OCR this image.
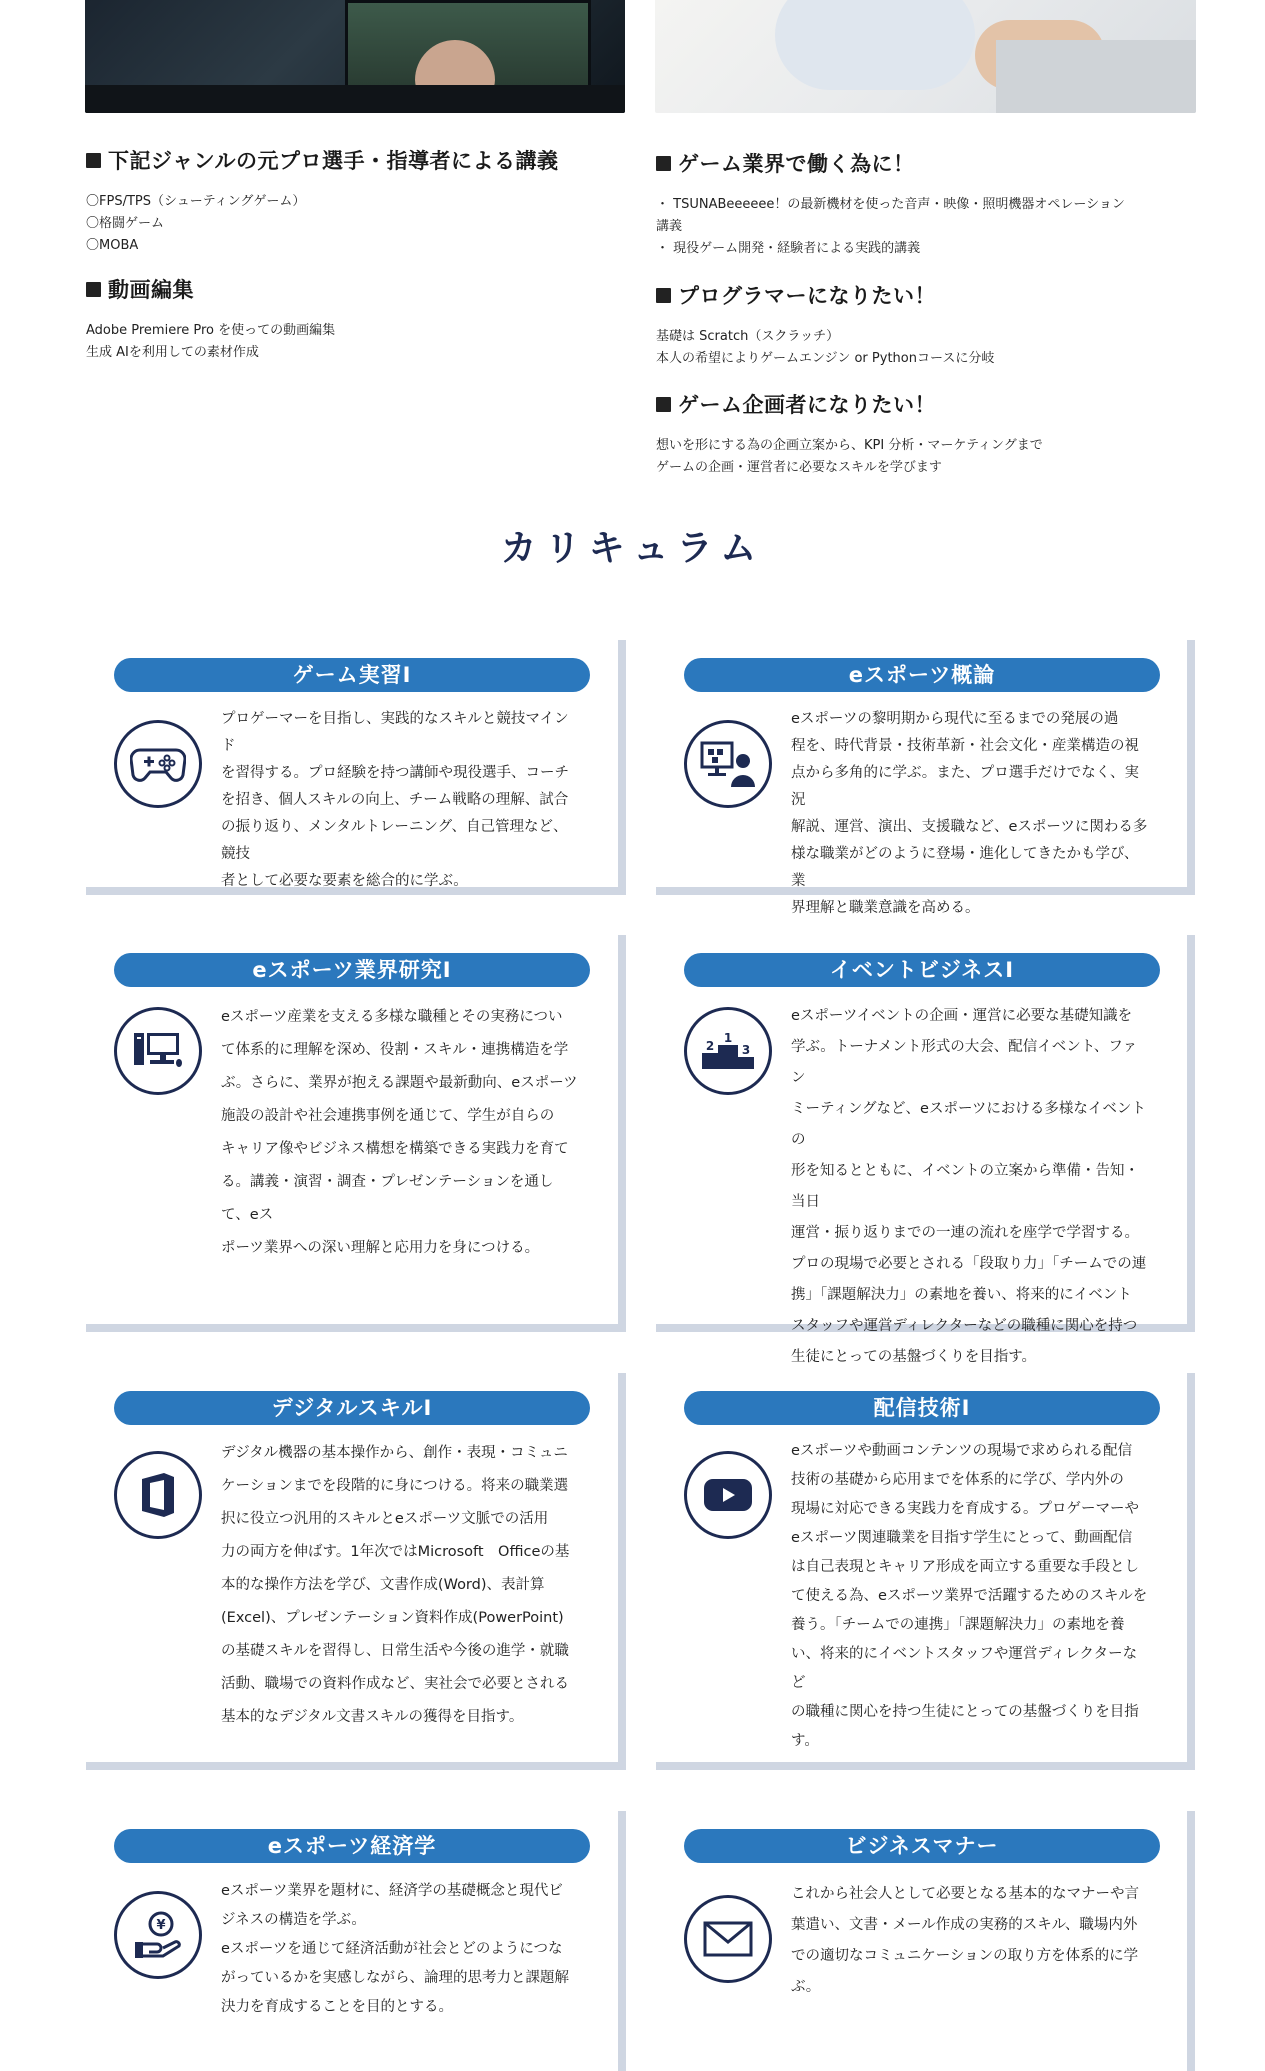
下記ジャンルの元プロ選手・指導者による講義
〇FPS/TPS（シューティングゲーム）
〇格闘ゲーム
〇MOBA
動画編集
Adobe Premiere Pro を使っての動画編集
生成 AIを利用しての素材作成
ゲーム業界で働く為に！
・ TSUNABeeeeee！の最新機材を使った音声・映像・照明機器オペレーション
講義
・ 現役ゲーム開発・経験者による実践的講義
プログラマーになりたい！
基礎は Scratch（スクラッチ）
本人の希望によりゲームエンジン or Pythonコースに分岐
ゲーム企画者になりたい！
想いを形にする為の企画立案から、KPI 分析・マーケティングまで
ゲームの企画・運営者に必要なスキルを学びます
カリキュラム
ゲーム実習Ⅰ
プロゲーマーを目指し、実践的なスキルと競技マインド
を習得する。プロ経験を持つ講師や現役選手、コーチ
を招き、個人スキルの向上、チーム戦略の理解、試合
の振り返り、メンタルトレーニング、自己管理など、競技
者として必要な要素を総合的に学ぶ。
eスポーツ概論
eスポーツの黎明期から現代に至るまでの発展の過
程を、時代背景・技術革新・社会文化・産業構造の視
点から多角的に学ぶ。また、プロ選手だけでなく、実況
解説、運営、演出、支援職など、eスポーツに関わる多
様な職業がどのように登場・進化してきたかも学び、業
界理解と職業意識を高める。
eスポーツ業界研究Ⅰ
eスポーツ産業を支える多様な職種とその実務につい
て体系的に理解を深め、役割・スキル・連携構造を学
ぶ。さらに、業界が抱える課題や最新動向、eスポーツ
施設の設計や社会連携事例を通じて、学生が自らの
キャリア像やビジネス構想を構築できる実践力を育て
る。講義・演習・調査・プレゼンテーションを通して、eス
ポーツ業界への深い理解と応用力を身につける。
イベントビジネスⅠ
1
2 3
eスポーツイベントの企画・運営に必要な基礎知識を
学ぶ。トーナメント形式の大会、配信イベント、ファン
ミーティングなど、eスポーツにおける多様なイベントの
形を知るとともに、イベントの立案から準備・告知・当日
運営・振り返りまでの一連の流れを座学で学習する。
プロの現場で必要とされる「段取り力」「チームでの連
携」「課題解決力」の素地を養い、将来的にイベント
スタッフや運営ディレクターなどの職種に関心を持つ
生徒にとっての基盤づくりを目指す。
デジタルスキルⅠ
デジタル機器の基本操作から、創作・表現・コミュニ
ケーションまでを段階的に身につける。将来の職業選
択に役立つ汎用的スキルとeスポーツ文脈での活用
力の両方を伸ばす。1年次ではMicrosoft　Officeの基
本的な操作方法を学び、文書作成(Word)、表計算
(Excel)、プレゼンテーション資料作成(PowerPoint)
の基礎スキルを習得し、日常生活や今後の進学・就職
活動、職場での資料作成など、実社会で必要とされる
基本的なデジタル文書スキルの獲得を目指す。
配信技術Ⅰ
eスポーツや動画コンテンツの現場で求められる配信
技術の基礎から応用までを体系的に学び、学内外の
現場に対応できる実践力を育成する。プロゲーマーや
eスポーツ関連職業を目指す学生にとって、動画配信
は自己表現とキャリア形成を両立する重要な手段とし
て使える為、eスポーツ業界で活躍するためのスキルを
養う。「チームでの連携」「課題解決力」の素地を養
い、将来的にイベントスタッフや運営ディレクターなど
の職種に関心を持つ生徒にとっての基盤づくりを目指
す。
eスポーツ経済学
¥
eスポーツ業界を題材に、経済学の基礎概念と現代ビ
ジネスの構造を学ぶ。
eスポーツを通じて経済活動が社会とどのようにつな
がっているかを実感しながら、論理的思考力と課題解
決力を育成することを目的とする。
ビジネスマナー
これから社会人として必要となる基本的なマナーや言
葉遣い、文書・メール作成の実務的スキル、職場内外
での適切なコミュニケーションの取り方を体系的に学
ぶ。
